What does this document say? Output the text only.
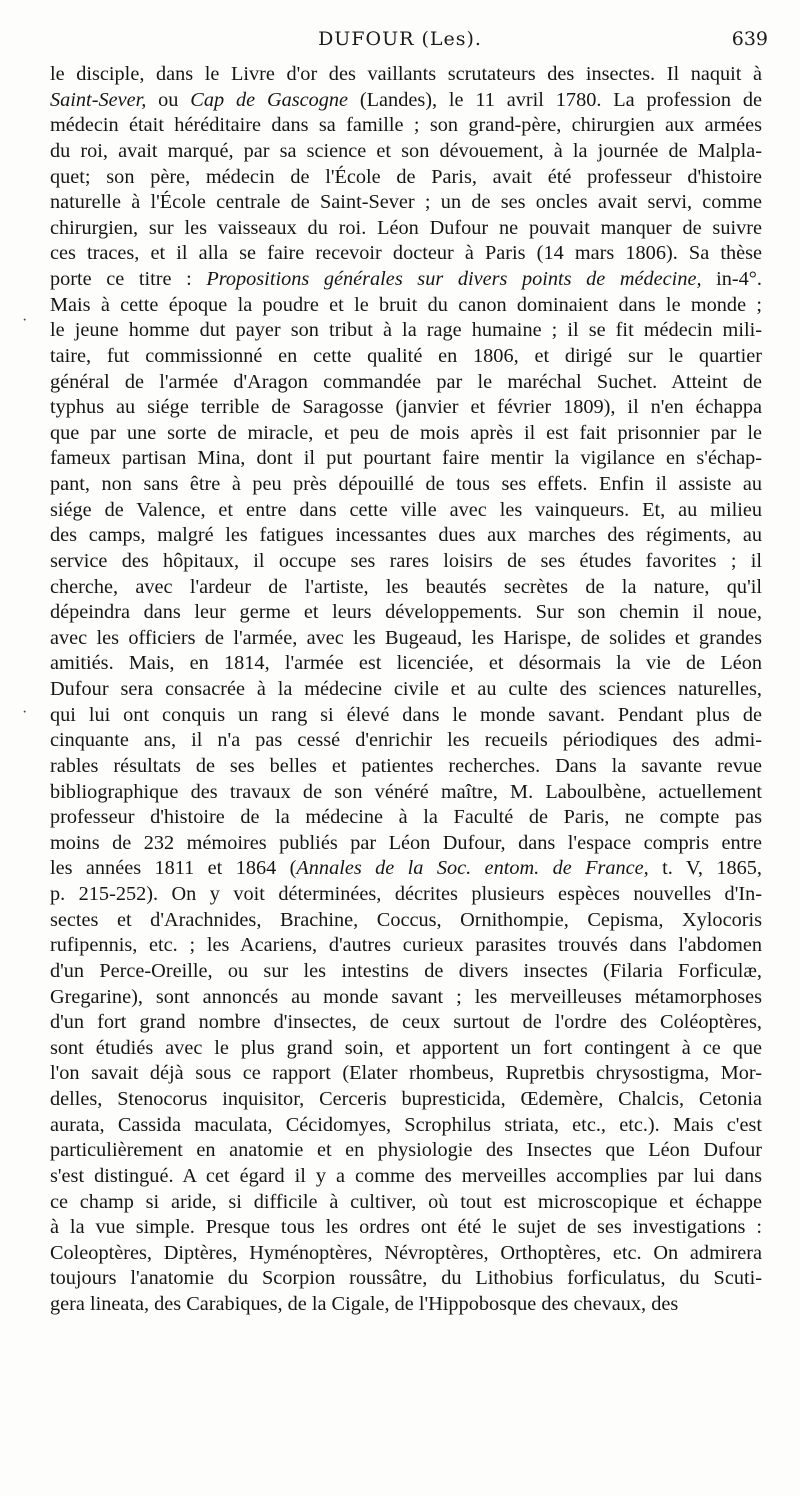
DUFOUR (Les).	639
le disciple, dans le Livre d'or des vaillants scrutateurs des insectes. Il naquit à
Saint-Sever, ou Cap de Gascogne (Landes), le 11 avril 1780. La profession de
médecin était héréditaire dans sa famille ; son grand-père, chirurgien aux armées
du roi, avait marqué, par sa science et son dévouement, à la journée de Malpla-
quet; son père, médecin de l'École de Paris, avait été professeur d'histoire
naturelle à l'École centrale de Saint-Sever ; un de ses oncles avait servi, comme
chirurgien, sur les vaisseaux du roi. Léon Dufour ne pouvait manquer de suivre
ces traces, et il alla se faire recevoir docteur à Paris (14 mars 1806). Sa thèse
porte ce titre : Propositions générales sur divers points de médecine, in-4°.
Mais à cette époque la poudre et le bruit du canon dominaient dans le monde ;
le jeune homme dut payer son tribut à la rage humaine ; il se fit médecin mili-
taire, fut commissionné en cette qualité en 1806, et dirigé sur le quartier
général de l'armée d'Aragon commandée par le maréchal Suchet. Atteint de
typhus au siége terrible de Saragosse (janvier et février 1809), il n'en échappa
que par une sorte de miracle, et peu de mois après il est fait prisonnier par le
fameux partisan Mina, dont il put pourtant faire mentir la vigilance en s'échap-
pant, non sans être à peu près dépouillé de tous ses effets. Enfin il assiste au
siége de Valence, et entre dans cette ville avec les vainqueurs. Et, au milieu
des camps, malgré les fatigues incessantes dues aux marches des régiments, au
service des hôpitaux, il occupe ses rares loisirs de ses études favorites ; il
cherche, avec l'ardeur de l'artiste, les beautés secrètes de la nature, qu'il
dépeindra dans leur germe et leurs développements. Sur son chemin il noue,
avec les officiers de l'armée, avec les Bugeaud, les Harispe, de solides et grandes
amitiés. Mais, en 1814, l'armée est licenciée, et désormais la vie de Léon
Dufour sera consacrée à la médecine civile et au culte des sciences naturelles,
qui lui ont conquis un rang si élevé dans le monde savant. Pendant plus de
cinquante ans, il n'a pas cessé d'enrichir les recueils périodiques des admi-
rables résultats de ses belles et patientes recherches. Dans la savante revue
bibliographique des travaux de son vénéré maître, M. Laboulbène, actuellement
professeur d'histoire de la médecine à la Faculté de Paris, ne compte pas
moins de 232 mémoires publiés par Léon Dufour, dans l'espace compris entre
les années 1811 et 1864 (Annales de la Soc. entom. de France, t. V, 1865,
p. 215-252). On y voit déterminées, décrites plusieurs espèces nouvelles d'In-
sectes et d'Arachnides, Brachine, Coccus, Ornithompie, Cepisma, Xylocoris
rufipennis, etc. ; les Acariens, d'autres curieux parasites trouvés dans l'abdomen
d'un Perce-Oreille, ou sur les intestins de divers insectes (Filaria Forficulæ,
Gregarine), sont annoncés au monde savant ; les merveilleuses métamorphoses
d'un fort grand nombre d'insectes, de ceux surtout de l'ordre des Coléoptères,
sont étudiés avec le plus grand soin, et apportent un fort contingent à ce que
l'on savait déjà sous ce rapport (Elater rhombeus, Rupretbis chrysostigma, Mor-
delles, Stenocorus inquisitor, Cerceris bupresticida, Œdemère, Chalcis, Cetonia
aurata, Cassida maculata, Cécidomyes, Scrophilus striata, etc., etc.). Mais c'est
particulièrement en anatomie et en physiologie des Insectes que Léon Dufour
s'est distingué. A cet égard il y a comme des merveilles accomplies par lui dans
ce champ si aride, si difficile à cultiver, où tout est microscopique et échappe
à la vue simple. Presque tous les ordres ont été le sujet de ses investigations :
Coleoptères, Diptères, Hyménoptères, Névroptères, Orthoptères, etc. On admirera
toujours l'anatomie du Scorpion roussâtre, du Lithobius forficulatus, du Scuti-
gera lineata, des Carabiques, de la Cigale, de l'Hippobosque des chevaux, des
·
·
